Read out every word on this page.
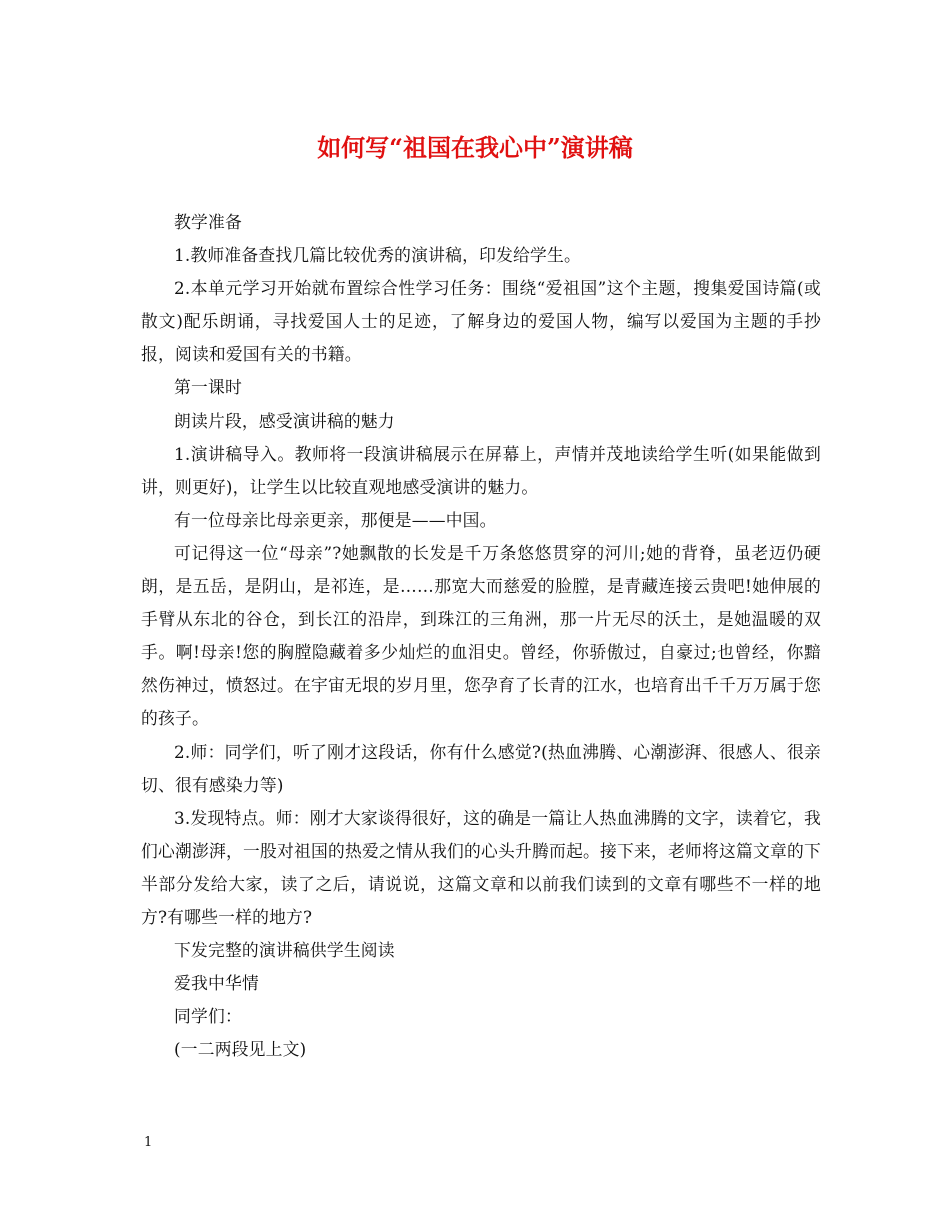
如何写“祖国在我心中”演讲稿

教学准备

1.教师准备查找几篇比较优秀的演讲稿，印发给学生。

2.本单元学习开始就布置综合性学习任务：围绕“爱祖国”这个主题，搜集爱国诗篇(或散文)配乐朗诵，寻找爱国人士的足迹，了解身边的爱国人物，编写以爱国为主题的手抄报，阅读和爱国有关的书籍。

第一课时

朗读片段，感受演讲稿的魅力

1.演讲稿导入。教师将一段演讲稿展示在屏幕上，声情并茂地读给学生听(如果能做到讲，则更好)，让学生以比较直观地感受演讲的魅力。

有一位母亲比母亲更亲，那便是——中国。

可记得这一位“母亲”?她飘散的长发是千万条悠悠贯穿的河川;她的背脊，虽老迈仍硬朗，是五岳，是阴山，是祁连，是……那宽大而慈爱的脸膛，是青藏连接云贵吧!她伸展的手臂从东北的谷仓，到长江的沿岸，到珠江的三角洲，那一片无尽的沃土，是她温暖的双手。啊!母亲!您的胸膛隐藏着多少灿烂的血泪史。曾经，你骄傲过，自豪过;也曾经，你黯然伤神过，愤怒过。在宇宙无垠的岁月里，您孕育了长青的江水，也培育出千千万万属于您的孩子。

2.师：同学们，听了刚才这段话，你有什么感觉?(热血沸腾、心潮澎湃、很感人、很亲切、很有感染力等)

3.发现特点。师：刚才大家谈得很好，这的确是一篇让人热血沸腾的文字，读着它，我们心潮澎湃，一股对祖国的热爱之情从我们的心头升腾而起。接下来，老师将这篇文章的下半部分发给大家，读了之后，请说说，这篇文章和以前我们读到的文章有哪些不一样的地方?有哪些一样的地方?

下发完整的演讲稿供学生阅读

爱我中华情

同学们：

(一二两段见上文)

1
